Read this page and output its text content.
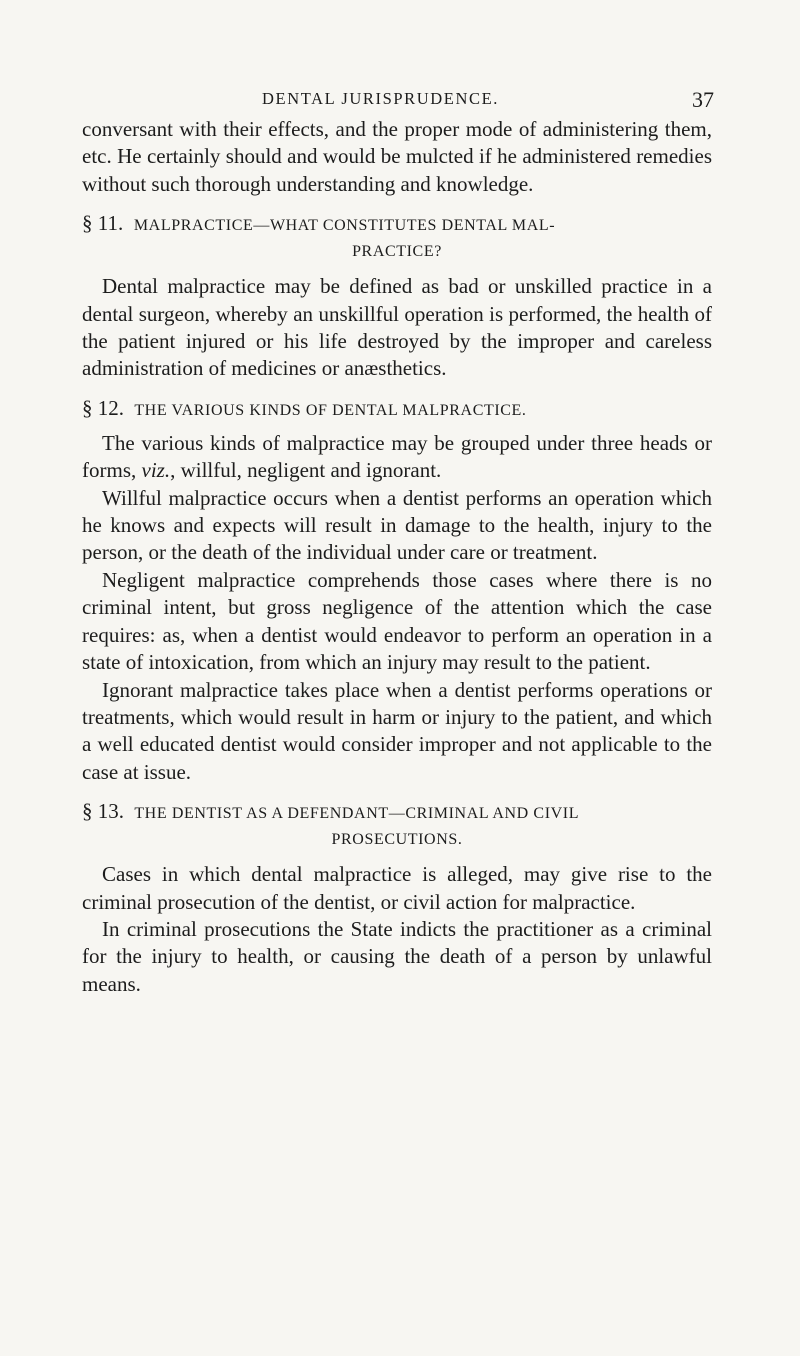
DENTAL JURISPRUDENCE.	37

conversant with their effects, and the proper mode of administering them, etc. He certainly should and would be mulcted if he administered remedies without such thorough understanding and knowledge.

§ 11. MALPRACTICE—WHAT CONSTITUTES DENTAL MAL-
PRACTICE?

Dental malpractice may be defined as bad or unskilled practice in a dental surgeon, whereby an unskillful operation is performed, the health of the patient injured or his life destroyed by the improper and careless administration of medicines or anæsthetics.

§ 12. THE VARIOUS KINDS OF DENTAL MALPRACTICE.

The various kinds of malpractice may be grouped under three heads or forms, viz., willful, negligent and ignorant.

Willful malpractice occurs when a dentist performs an operation which he knows and expects will result in damage to the health, injury to the person, or the death of the individual under care or treatment.

Negligent malpractice comprehends those cases where there is no criminal intent, but gross negligence of the attention which the case requires: as, when a dentist would endeavor to perform an operation in a state of intoxication, from which an injury may result to the patient.

Ignorant malpractice takes place when a dentist performs operations or treatments, which would result in harm or injury to the patient, and which a well educated dentist would consider improper and not applicable to the case at issue.

§ 13. THE DENTIST AS A DEFENDANT—CRIMINAL AND CIVIL
PROSECUTIONS.

Cases in which dental malpractice is alleged, may give rise to the criminal prosecution of the dentist, or civil action for malpractice.

In criminal prosecutions the State indicts the practitioner as a criminal for the injury to health, or causing the death of a person by unlawful means.
